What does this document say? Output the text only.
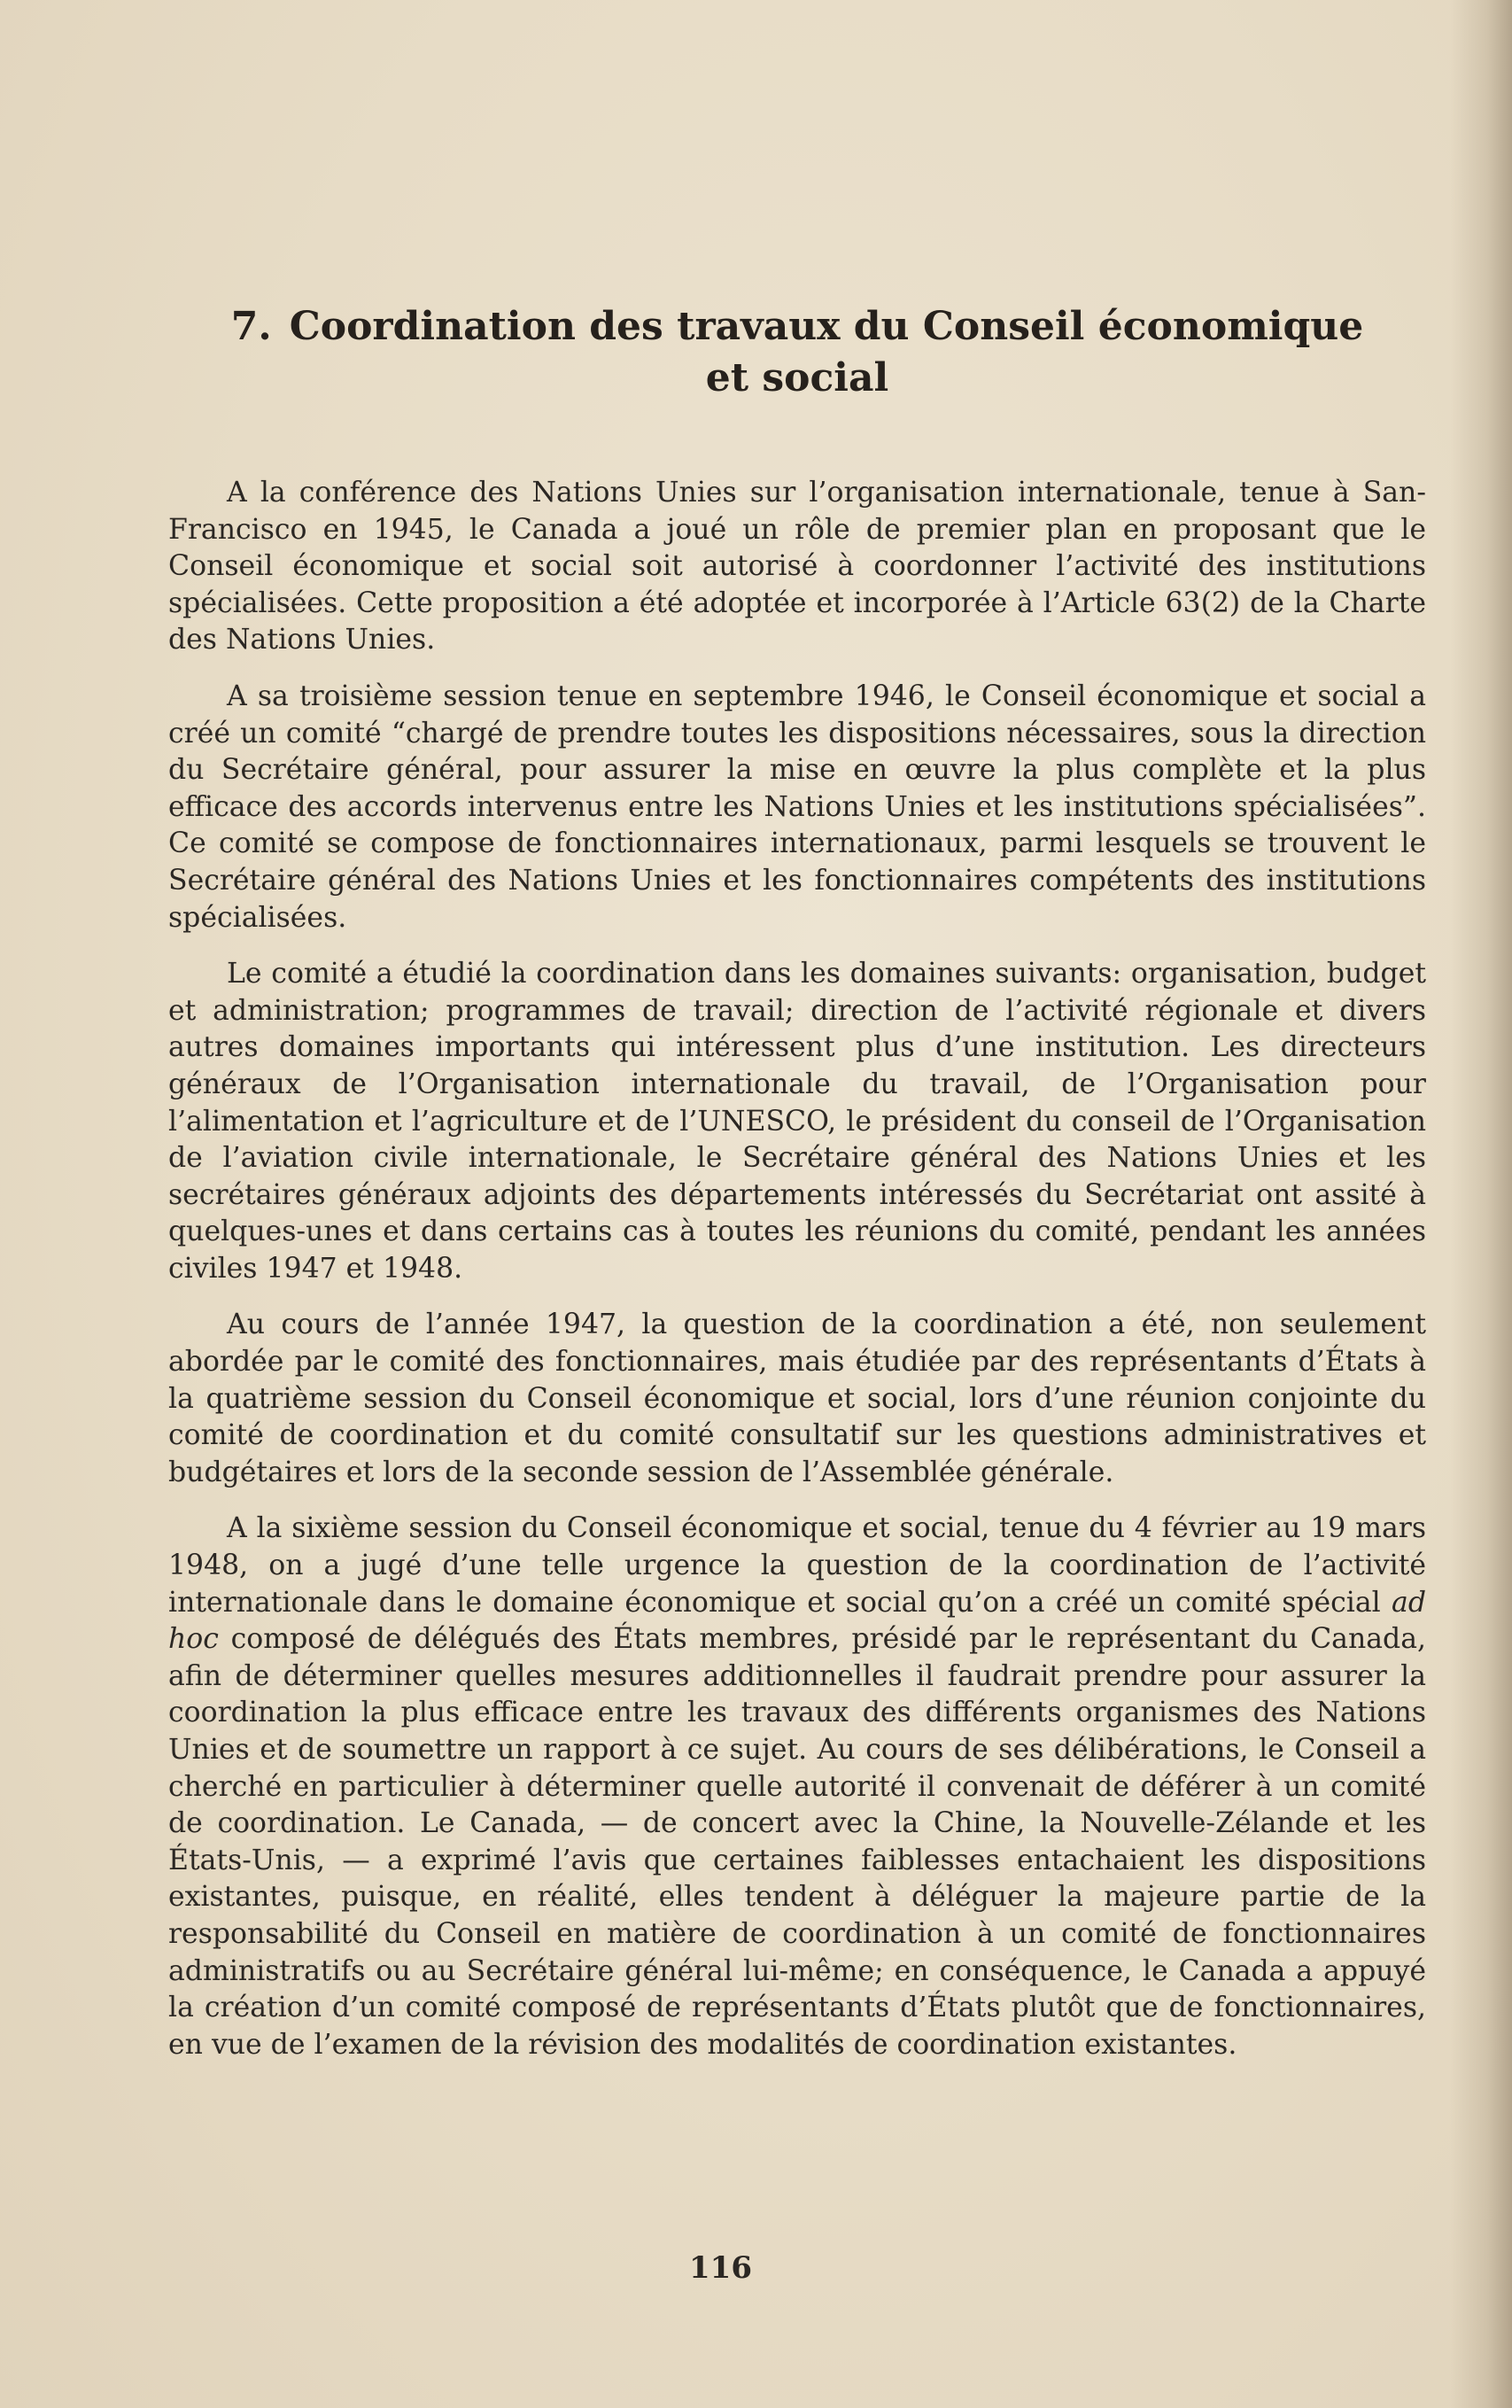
7. Coordination des travaux du Conseil économique
et social

A la conférence des Nations Unies sur l’organisation internationale, tenue à San-Francisco en 1945, le Canada a joué un rôle de premier plan en proposant que le Conseil économique et social soit autorisé à coordonner l’activité des institutions spécialisées. Cette proposition a été adoptée et incorporée à l’Article 63(2) de la Charte des Nations Unies.

A sa troisième session tenue en septembre 1946, le Conseil économique et social a créé un comité “chargé de prendre toutes les dispositions nécessaires, sous la direction du Secrétaire général, pour assurer la mise en œuvre la plus complète et la plus efficace des accords intervenus entre les Nations Unies et les institutions spécialisées”. Ce comité se compose de fonctionnaires internationaux, parmi lesquels se trouvent le Secrétaire général des Nations Unies et les fonctionnaires compétents des institutions spécialisées.

Le comité a étudié la coordination dans les domaines suivants: organisation, budget et administration; programmes de travail; direction de l’activité régionale et divers autres domaines importants qui intéressent plus d’une institution. Les directeurs généraux de l’Organisation internationale du travail, de l’Organisation pour l’alimentation et l’agriculture et de l’UNESCO, le président du conseil de l’Organisation de l’aviation civile internationale, le Secrétaire général des Nations Unies et les secrétaires généraux adjoints des départements intéressés du Secrétariat ont assité à quelques-unes et dans certains cas à toutes les réunions du comité, pendant les années civiles 1947 et 1948.

Au cours de l’année 1947, la question de la coordination a été, non seulement abordée par le comité des fonctionnaires, mais étudiée par des représentants d’États à la quatrième session du Conseil économique et social, lors d’une réunion conjointe du comité de coordination et du comité consultatif sur les questions administratives et budgétaires et lors de la seconde session de l’Assemblée générale.

A la sixième session du Conseil économique et social, tenue du 4 février au 19 mars 1948, on a jugé d’une telle urgence la question de la coordination de l’activité internationale dans le domaine économique et social qu’on a créé un comité spécial ad hoc composé de délégués des États membres, présidé par le représentant du Canada, afin de déterminer quelles mesures additionnelles il faudrait prendre pour assurer la coordination la plus efficace entre les travaux des différents organismes des Nations Unies et de soumettre un rapport à ce sujet. Au cours de ses délibérations, le Conseil a cherché en particulier à déterminer quelle autorité il convenait de déférer à un comité de coordination. Le Canada, — de concert avec la Chine, la Nouvelle-Zélande et les États-Unis, — a exprimé l’avis que certaines faiblesses entachaient les dispositions existantes, puisque, en réalité, elles tendent à déléguer la majeure partie de la responsabilité du Conseil en matière de coordination à un comité de fonctionnaires administratifs ou au Secrétaire général lui-même; en conséquence, le Canada a appuyé la création d’un comité composé de représentants d’États plutôt que de fonctionnaires, en vue de l’examen de la révision des modalités de coordination existantes.

116
